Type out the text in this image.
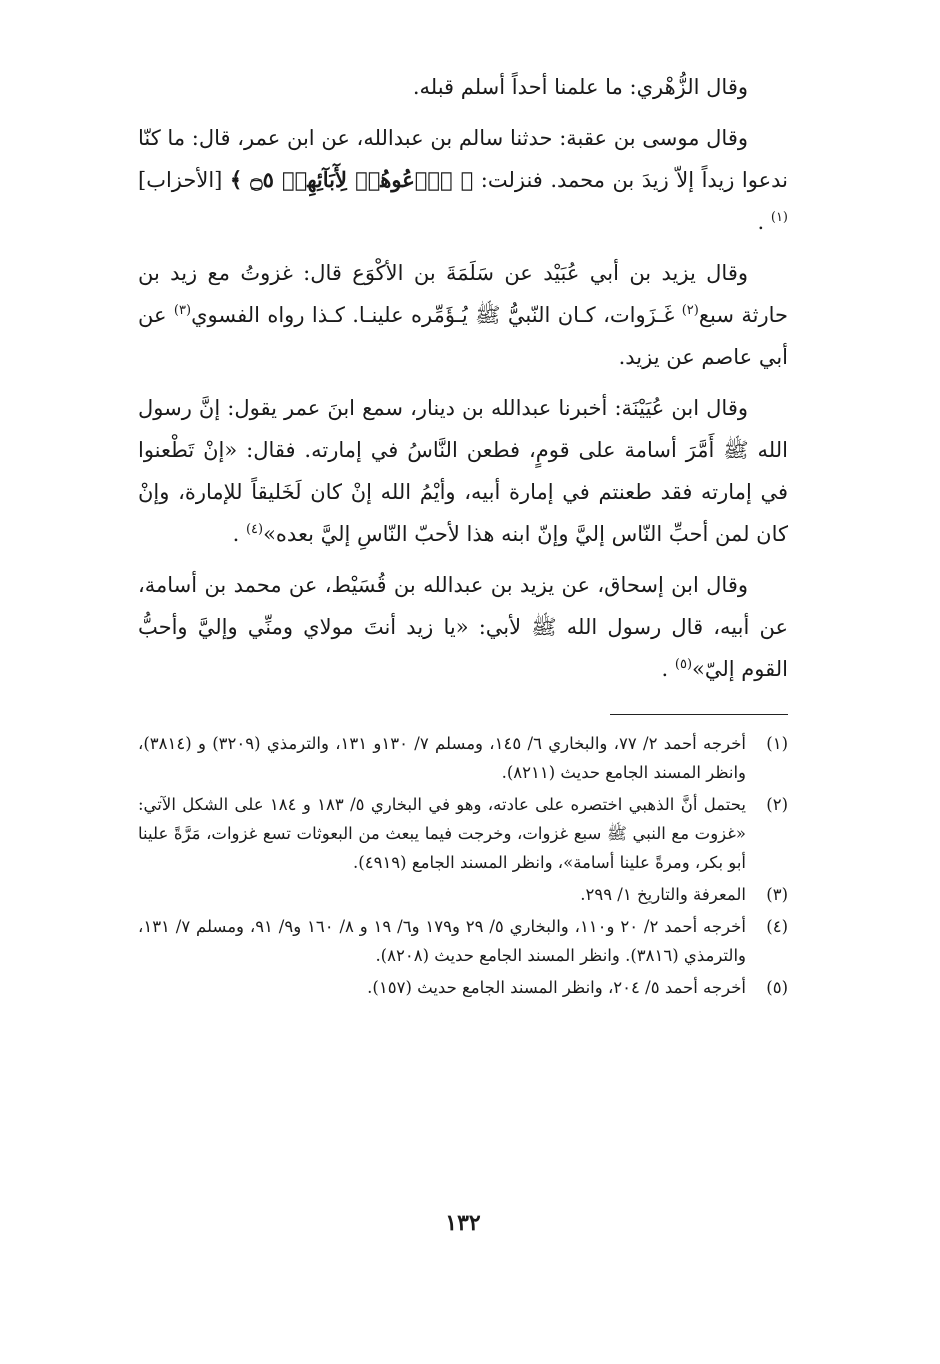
وقال الزُّهْري: ما علمنا أحداً أسلم قبله.

وقال موسى بن عقبة: حدثنا سالم بن عبدالله، عن ابن عمر، قال: ما كنّا ندعوا زيداً إلاّ زيدَ بن محمد. فنزلت: ﴿ ٱدۡعُوهُمۡ لِأٓبَآئِهِمۡ ۝٥ ﴾ [الأحزاب]$^{(١)}$ .

وقال يزيد بن أبي عُبَيْد عن سَلَمَةَ بن الأكْوَع قال: غزوتُ مع زيد بن حارثة سبع$^{(٢)}$ غَـزَوات، كـان النّبيُّ ﷺ يُـؤَمِّره علينـا. كـذا رواه الفسوي$^{(٣)}$ عن أبي عاصم عن يزيد.

وقال ابن عُيَيْنَة: أخبرنا عبدالله بن دينار، سمع ابنَ عمر يقول: إنَّ رسول الله ﷺ أَمَّرَ أسامة على قومٍ، فطعن النَّاسُ في إمارته. فقال: «إنْ تَطْعنوا في إمارته فقد طعنتم في إمارة أبيه، وأيْمُ الله إنْ كان لَخَليقاً للإمارة، وإنْ كان لمن أحبِّ النّاس إليَّ وإنّ ابنه هذا لأحبّ النّاسِ إليَّ بعده»$^{(٤)}$ .

وقال ابن إسحاق، عن يزيد بن عبدالله بن قُسَيْط، عن محمد بن أسامة، عن أبيه، قال رسول الله ﷺ لأبي: «يا زيد أنتَ مولاي ومنِّي وإليَّ وأحبُّ القوم إليّ»$^{(٥)}$ .

(١)
أخرجه أحمد ٢/ ٧٧، والبخاري ٦/ ١٤٥، ومسلم ٧/ ١٣٠و ١٣١، والترمذي (٣٢٠٩) و (٣٨١٤)، وانظر المسند الجامع حديث (٨٢١١).
(٢)
يحتمل أنَّ الذهبي اختصره على عادته، وهو في البخاري ٥/ ١٨٣ و ١٨٤ على الشكل الآتي: «غزوت مع النبي ﷺ سبع غزوات، وخرجت فيما يبعث من البعوثات تسع غزوات، مَرَّةً علينا أبو بكر، ومرةً علينا أسامة»، وانظر المسند الجامع (٤٩١٩).
(٣)
المعرفة والتاريخ ١/ ٢٩٩.
(٤)
أخرجه أحمد ٢/ ٢٠ و١١٠، والبخاري ٥/ ٢٩ و١٧٩ و٦/ ١٩ و ٨/ ١٦٠ و٩/ ٩١، ومسلم ٧/ ١٣١، والترمذي (٣٨١٦). وانظر المسند الجامع حديث (٨٢٠٨).
(٥)
أخرجه أحمد ٥/ ٢٠٤، وانظر المسند الجامع حديث (١٥٧).
١٣٢
